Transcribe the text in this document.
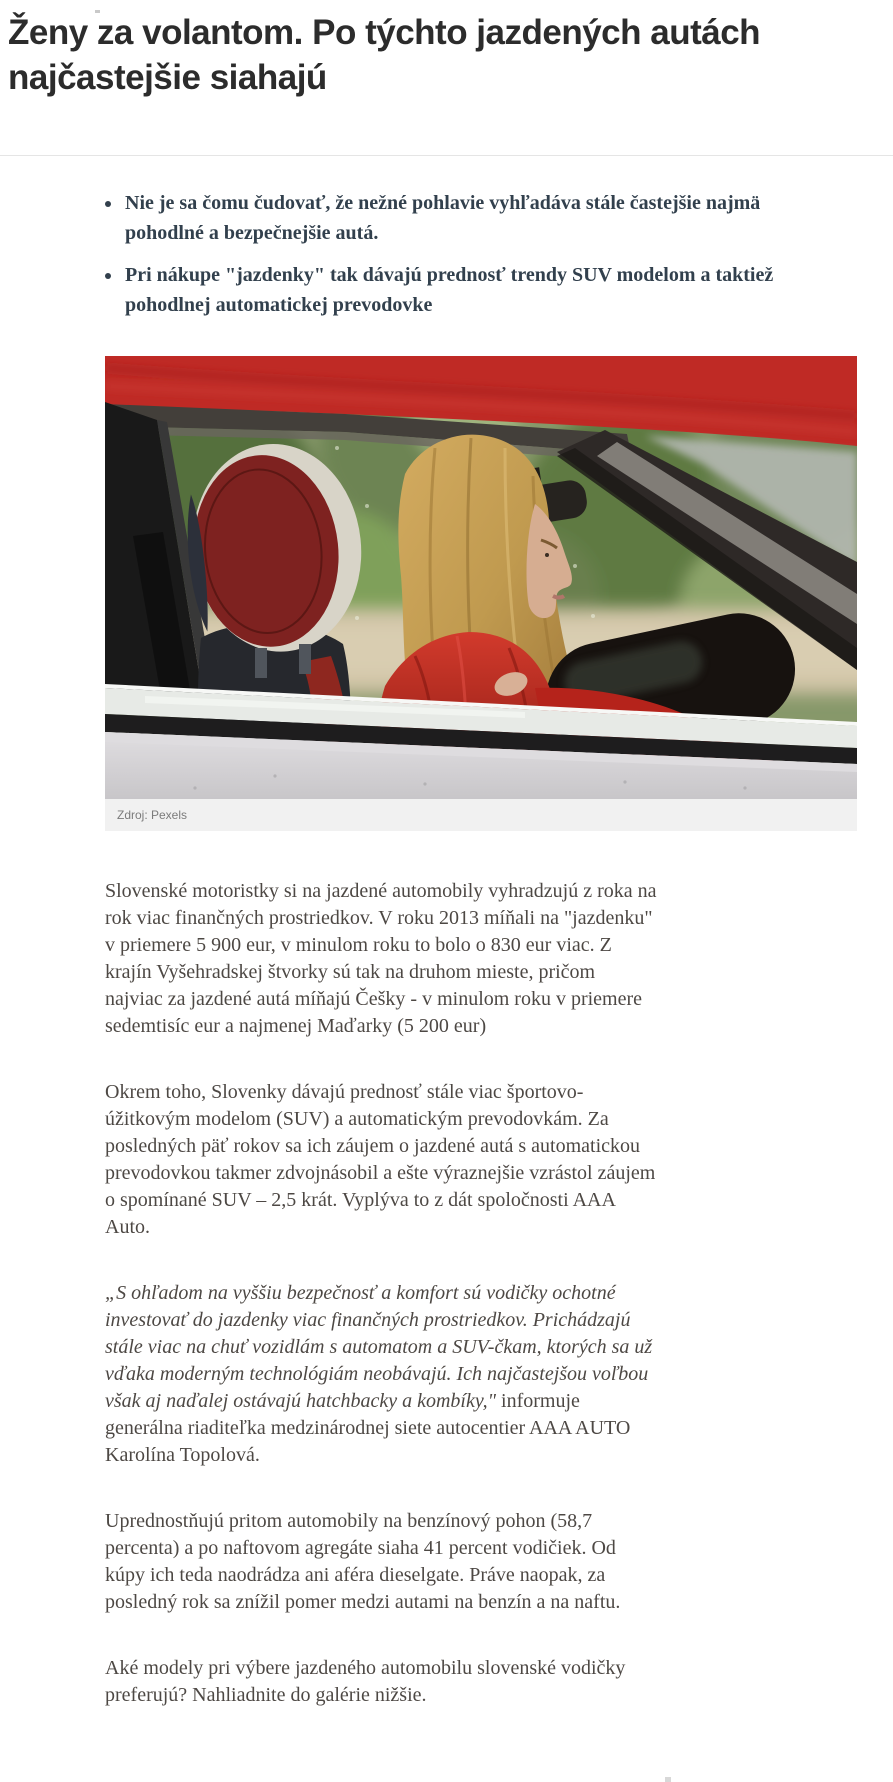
Ženy za volantom. Po týchto jazdených autách najčastejšie siahajú
• Nie je sa čomu čudovať, že nežné pohlavie vyhľadáva stále častejšie najmä pohodlné a bezpečnejšie autá.
• Pri nákupe "jazdenky" tak dávajú prednosť trendy SUV modelom a taktiež pohodlnej automatickej prevodovke
Zdroj: Pexels

Slovenské motoristky si na jazdené automobily vyhradzujú z roka na rok viac finančných prostriedkov. V roku 2013 míňali na "jazdenku" v priemere 5 900 eur, v minulom roku to bolo o 830 eur viac. Z krajín Vyšehradskej štvorky sú tak na druhom mieste, pričom najviac za jazdené autá míňajú Češky - v minulom roku v priemere sedemtisíc eur a najmenej Maďarky (5 200 eur)

Okrem toho, Slovenky dávajú prednosť stále viac športovo-úžitkovým modelom (SUV) a automatickým prevodovkám. Za posledných päť rokov sa ich záujem o jazdené autá s automatickou prevodovkou takmer zdvojnásobil a ešte výraznejšie vzrástol záujem o spomínané SUV – 2,5 krát. Vyplýva to z dát spoločnosti AAA Auto.

„S ohľadom na vyššiu bezpečnosť a komfort sú vodičky ochotné investovať do jazdenky viac finančných prostriedkov. Prichádzajú stále viac na chuť vozidlám s automatom a SUV-čkam, ktorých sa už vďaka moderným technológiám neobávajú. Ich najčastejšou voľbou však aj naďalej ostávajú hatchbacky a kombíky," informuje generálna riaditeľka medzinárodnej siete autocentier AAA AUTO Karolína Topolová.

Uprednostňujú pritom automobily na benzínový pohon (58,7 percenta) a po naftovom agregáte siaha 41 percent vodičiek. Od kúpy ich teda naodrádza ani aféra dieselgate. Práve naopak, za posledný rok sa znížil pomer medzi autami na benzín a na naftu.

Aké modely pri výbere jazdeného automobilu slovenské vodičky preferujú? Nahliadnite do galérie nižšie.
